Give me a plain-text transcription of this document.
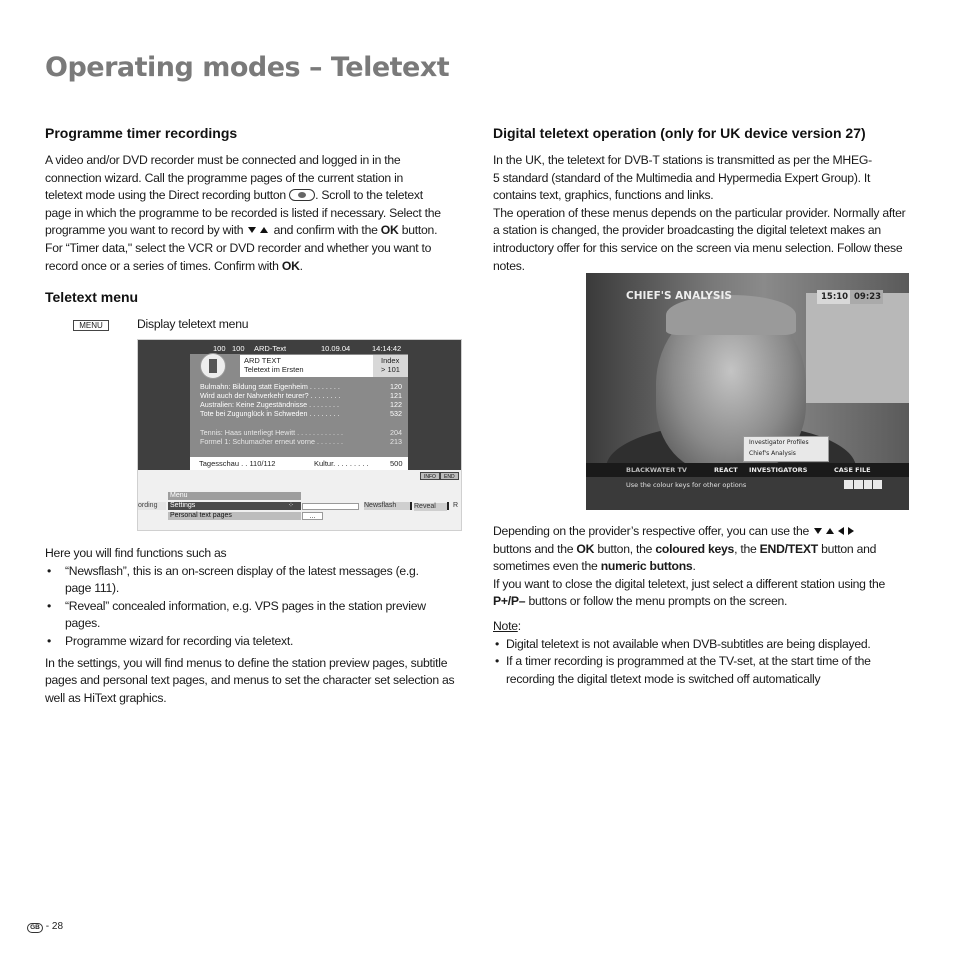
Operating modes – Teletext
Programme timer recordings
A video and/or DVD recorder must be connected and logged in in the
connection wizard. Call the programme pages of the current station in
teletext mode using the Direct recording button . Scroll to the teletext
page in which the programme to be recorded is listed if necessary. Select the
programme you want to record by with and confirm with the OK button.
For “Timer data," select the VCR or DVD recorder and whether you want to
record once or a series of times. Confirm with OK.
Teletext menu
MENU	Display teletext menu
100 100 ARD-Text	10.09.04	14:14:42
ARD TEXT
Teletext im Ersten
Index
> 101
Bulmahn: Bildung statt Eigenheim . . . . . . . .	120
Wird auch der Nahverkehr teurer? . . . . . . . .	121
Australien: Keine Zugeständnisse . . . . . . . .	122
Tote bei Zugunglück in Schweden . . . . . . . .	532
Tennis: Haas unterliegt Hewitt . . . . . . . . . . . .	204
Formel 1: Schumacher erneut vorne . . . . . . .	213
Tagesschau . . 110/112	Kultur. . . . . . . . .	500
INFO	END
Menu
ording	Settings	⁘	Newsflash	Reveal	R
Personal text pages	...
Here you will find functions such as
• “Newsflash”, this is an on-screen display of the latest messages (e.g.
page 111).
• “Reveal” concealed information, e.g. VPS pages in the station preview
pages.
• Programme wizard for recording via teletext.
In the settings, you will find menus to define the station preview pages, subtitle
pages and personal text pages, and menus to set the character set selection as
well as HiText graphics.
Digital teletext operation (only for UK device version 27)
In the UK, the teletext for DVB-T stations is transmitted as per the MHEG-
5 standard (standard of the Multimedia and Hypermedia Expert Group). It
contains text, graphics, functions and links.
The operation of these menus depends on the particular provider. Normally after
a station is changed, the provider broadcasting the digital teletext makes an
introductory offer for this service on the screen via menu selection. Follow these
notes.
CHIEF'S ANALYSIS	15:10 09:23
Investigator Profiles
Chief's Analysis
BLACKWATER TV	REACT INVESTIGATORS	CASE FILE
Use the colour keys for other options
Depending on the provider’s respective offer, you can use the
buttons and the OK button, the coloured keys, the END/TEXT button and
sometimes even the numeric buttons.
If you want to close the digital teletext, just select a different station using the
P+/P– buttons or follow the menu prompts on the screen.
Note:
• Digital teletext is not available when DVB-subtitles are being displayed.
• If a timer recording is programmed at the TV-set, at the start time of the
recording the digital tletext mode is switched off automatically
GB - 28
